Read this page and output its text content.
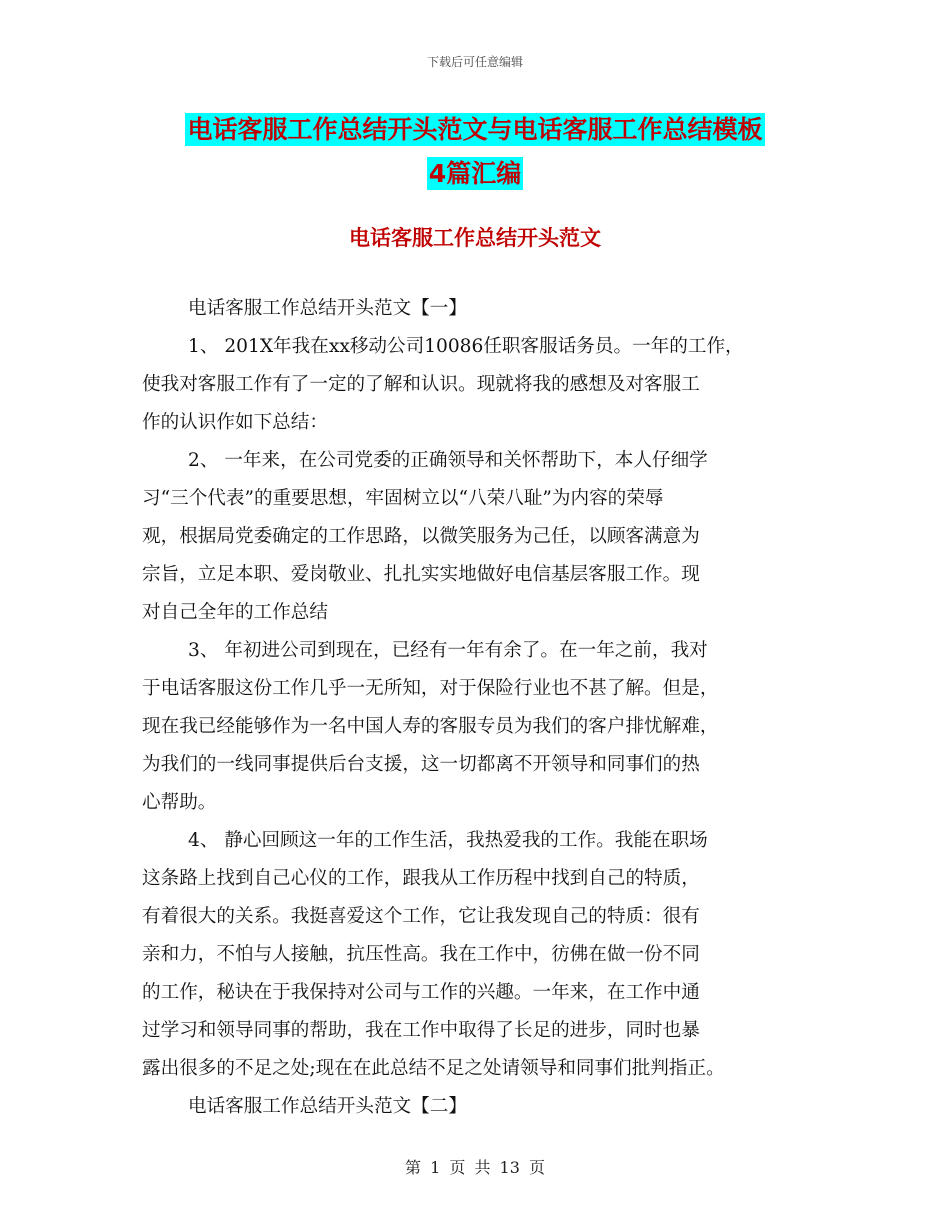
下载后可任意编辑
电话客服工作总结开头范文与电话客服工作总结模板
4篇汇编
电话客服工作总结开头范文
电话客服工作总结开头范文【一】
1、 201X年我在xx移动公司10086任职客服话务员。一年的工作，
使我对客服工作有了一定的了解和认识。现就将我的感想及对客服工
作的认识作如下总结：
2、 一年来，在公司党委的正确领导和关怀帮助下，本人仔细学
习“三个代表”的重要思想，牢固树立以“八荣八耻”为内容的荣辱
观，根据局党委确定的工作思路，以微笑服务为己任，以顾客满意为
宗旨，立足本职、爱岗敬业、扎扎实实地做好电信基层客服工作。现
对自己全年的工作总结
3、 年初进公司到现在，已经有一年有余了。在一年之前，我对
于电话客服这份工作几乎一无所知，对于保险行业也不甚了解。但是，
现在我已经能够作为一名中国人寿的客服专员为我们的客户排忧解难，
为我们的一线同事提供后台支援，这一切都离不开领导和同事们的热
心帮助。
4、 静心回顾这一年的工作生活，我热爱我的工作。我能在职场
这条路上找到自己心仪的工作，跟我从工作历程中找到自己的特质，
有着很大的关系。我挺喜爱这个工作，它让我发现自己的特质：很有
亲和力，不怕与人接触，抗压性高。我在工作中，彷佛在做一份不同
的工作，秘诀在于我保持对公司与工作的兴趣。一年来，在工作中通
过学习和领导同事的帮助，我在工作中取得了长足的进步，同时也暴
露出很多的不足之处;现在在此总结不足之处请领导和同事们批判指正。
电话客服工作总结开头范文【二】
第 1 页 共 13 页
